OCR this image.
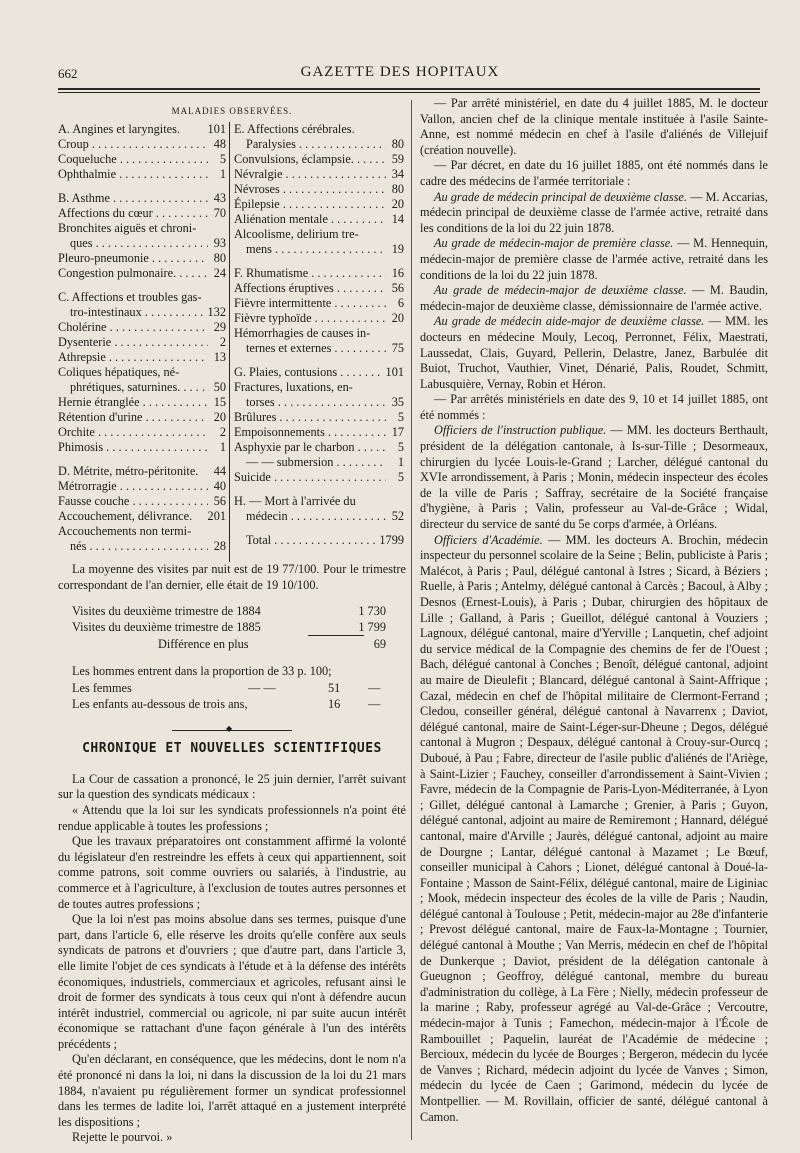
662	GAZETTE DES HOPITAUX
MALADIES OBSERVÉES.
A. Angines et laryngites.	101
Croup . . .	48
Coqueluche . . .	5
Ophthalmie . . .	1
B. Asthme . . .	43
Affections du cœur . . .	70
Bronchites aiguës et chroni-
ques . . .	93
Pleuro-pneumonie . . .	80
Congestion pulmonaire. . . .	24
C. Affections et troubles gas-
tro-intestinaux . . .	132
Cholérine . . .	29
Dysenterie . . .	2
Athrepsie . . .	13
Coliques hépatiques, né-
phrétiques, saturnines. . . .	50
Hernie étranglée . . .	15
Rétention d'urine . . .	20
Orchite . . .	2
Phimosis . . .	1
D. Métrite, métro-péritonite.	44
Métrorragie . . .	40
Fausse couche . . .	56
Accouchement, délivrance.	201
Accouchements non termi-
nés . . .	28
E. Affections cérébrales.
Paralysies . . .	80
Convulsions, éclampsie. . . .	59
Névralgie . . .	34
Névroses . . .	80
Épilepsie . . .	20
Aliénation mentale . . .	14
Alcoolisme, delirium tre-
mens . . .	19
F. Rhumatisme . . .	16
Affections éruptives . . .	56
Fièvre intermittente . . .	6
Fièvre typhoïde . . .	20
Hémorrhagies de causes in-
ternes et externes . . .	75
G. Plaies, contusions . . .	101
Fractures, luxations, en-
torses . . .	35
Brûlures . . .	5
Empoisonnements . . .	17
Asphyxie par le charbon . . .	5
— — submersion . . .	1
Suicide . . .	5
H. — Mort à l'arrivée du
médecin . . .	52
Total . . .	1799

La moyenne des visites par nuit est de 19 77/100. Pour le trimestre correspondant de l'an dernier, elle était de 19 10/100.

Visites du deuxième trimestre de 1884	1 730
Visites du deuxième trimestre de 1885	1 799
Différence en plus	69

Les hommes entrent dans la proportion de 33 p. 100;

Les femmes	— —	51	—
Les enfants au-dessous de trois ans,	16	—
◆
CHRONIQUE ET NOUVELLES SCIENTIFIQUES

La Cour de cassation a prononcé, le 25 juin dernier, l'arrêt suivant sur la question des syndicats médicaux :

« Attendu que la loi sur les syndicats professionnels n'a point été rendue applicable à toutes les professions ;

Que les travaux préparatoires ont constamment affirmé la volonté du législateur d'en restreindre les effets à ceux qui appartiennent, soit comme patrons, soit comme ouvriers ou salariés, à l'industrie, au commerce et à l'agriculture, à l'exclusion de toutes autres personnes et de toutes autres professions ;

Que la loi n'est pas moins absolue dans ses termes, puisque d'une part, dans l'article 6, elle réserve les droits qu'elle confère aux seuls syndicats de patrons et d'ouvriers ; que d'autre part, dans l'article 3, elle limite l'objet de ces syndicats à l'étude et à la défense des intérêts économiques, industriels, commerciaux et agricoles, refusant ainsi le droit de former des syndicats à tous ceux qui n'ont à défendre aucun intérêt industriel, commercial ou agricole, ni par suite aucun intérêt économique se rattachant d'une façon générale à l'un des intérêts précédents ;

Qu'en déclarant, en conséquence, que les médecins, dont le nom n'a été prononcé ni dans la loi, ni dans la discussion de la loi du 21 mars 1884, n'avaient pu régulièrement former un syndicat professionnel dans les termes de ladite loi, l'arrêt attaqué en a justement interprété les dispositions ;

Rejette le pourvoi. »

— Par arrêté ministériel, en date du 4 juillet 1885, M. le docteur Vallon, ancien chef de la clinique mentale instituée à l'asile Sainte-Anne, est nommé médecin en chef à l'asile d'aliénés de Villejuif (création nouvelle).

— Par décret, en date du 16 juillet 1885, ont été nommés dans le cadre des médecins de l'armée territoriale :

Au grade de médecin principal de deuxième classe. — M. Accarias, médecin principal de deuxième classe de l'armée active, retraité dans les conditions de la loi du 22 juin 1878.

Au grade de médecin-major de première classe. — M. Hennequin, médecin-major de première classe de l'armée active, retraité dans les conditions de la loi du 22 juin 1878.

Au grade de médecin-major de deuxième classe. — M. Baudin, médecin-major de deuxième classe, démissionnaire de l'armée active.

Au grade de médecin aide-major de deuxième classe. — MM. les docteurs en médecine Mouly, Lecoq, Perronnet, Félix, Maestrati, Laussedat, Clais, Guyard, Pellerin, Delastre, Janez, Barbulée dit Buiot, Truchot, Vauthier, Vinet, Dénarié, Palis, Roudet, Schmitt, Labusquière, Vernay, Robin et Héron.

— Par arrêtés ministériels en date des 9, 10 et 14 juillet 1885, ont été nommés :

Officiers de l'instruction publique. — MM. les docteurs Berthault, président de la délégation cantonale, à Is-sur-Tille ; Desormeaux, chirurgien du lycée Louis-le-Grand ; Larcher, délégué cantonal du XVIe arrondissement, à Paris ; Monin, médecin inspecteur des écoles de la ville de Paris ; Saffray, secrétaire de la Société française d'hygiène, à Paris ; Valin, professeur au Val-de-Grâce ; Widal, directeur du service de santé du 5e corps d'armée, à Orléans.

Officiers d'Académie. — MM. les docteurs A. Brochin, médecin inspecteur du personnel scolaire de la Seine ; Belin, publiciste à Paris ; Malécot, à Paris ; Paul, délégué cantonal à Istres ; Sicard, à Béziers ; Ruelle, à Paris ; Antelmy, délégué cantonal à Carcès ; Bacoul, à Alby ; Desnos (Ernest-Louis), à Paris ; Dubar, chirurgien des hôpitaux de Lille ; Galland, à Paris ; Gueillot, délégué cantonal à Vouziers ; Lagnoux, délégué cantonal, maire d'Yerville ; Lanquetin, chef adjoint du service médical de la Compagnie des chemins de fer de l'Ouest ; Bach, délégué cantonal à Conches ; Benoît, délégué cantonal, adjoint au maire de Dieulefit ; Blancard, délégué cantonal à Saint-Affrique ; Cazal, médecin en chef de l'hôpital militaire de Clermont-Ferrand ; Cledou, conseiller général, délégué cantonal à Navarrenx ; Daviot, délégué cantonal, maire de Saint-Léger-sur-Dheune ; Degos, délégué cantonal à Mugron ; Despaux, délégué cantonal à Crouy-sur-Ourcq ; Duboué, à Pau ; Fabre, directeur de l'asile public d'aliénés de l'Ariège, à Saint-Lizier ; Fauchey, conseiller d'arrondissement à Saint-Vivien ; Favre, médecin de la Compagnie de Paris-Lyon-Méditerranée, à Lyon ; Gillet, délégué cantonal à Lamarche ; Grenier, à Paris ; Guyon, délégué cantonal, adjoint au maire de Remiremont ; Hannard, délégué cantonal, maire d'Arville ; Jaurès, délégué cantonal, adjoint au maire de Dourgne ; Lantar, délégué cantonal à Mazamet ; Le Bœuf, conseiller municipal à Cahors ; Lionet, délégué cantonal à Doué-la-Fontaine ; Masson de Saint-Félix, délégué cantonal, maire de Liginiac ; Mook, médecin inspecteur des écoles de la ville de Paris ; Naudin, délégué cantonal à Toulouse ; Petit, médecin-major au 28e d'infanterie ; Prevost délégué cantonal, maire de Faux-la-Montagne ; Tournier, délégué cantonal à Mouthe ; Van Merris, médecin en chef de l'hôpital de Dunkerque ; Daviot, président de la délégation cantonale à Gueugnon ; Geoffroy, délégué cantonal, membre du bureau d'administration du collège, à La Fère ; Nielly, médecin professeur de la marine ; Raby, professeur agrégé au Val-de-Grâce ; Vercoutre, médecin-major à Tunis ; Famechon, médecin-major à l'École de Rambouillet ; Paquelin, lauréat de l'Académie de médecine ; Bercioux, médecin du lycée de Bourges ; Bergeron, médecin du lycée de Vanves ; Richard, médecin adjoint du lycée de Vanves ; Simon, médecin du lycée de Caen ; Garimond, médecin du lycée de Montpellier. — M. Rovillain, officier de santé, délégué cantonal à Camon.
